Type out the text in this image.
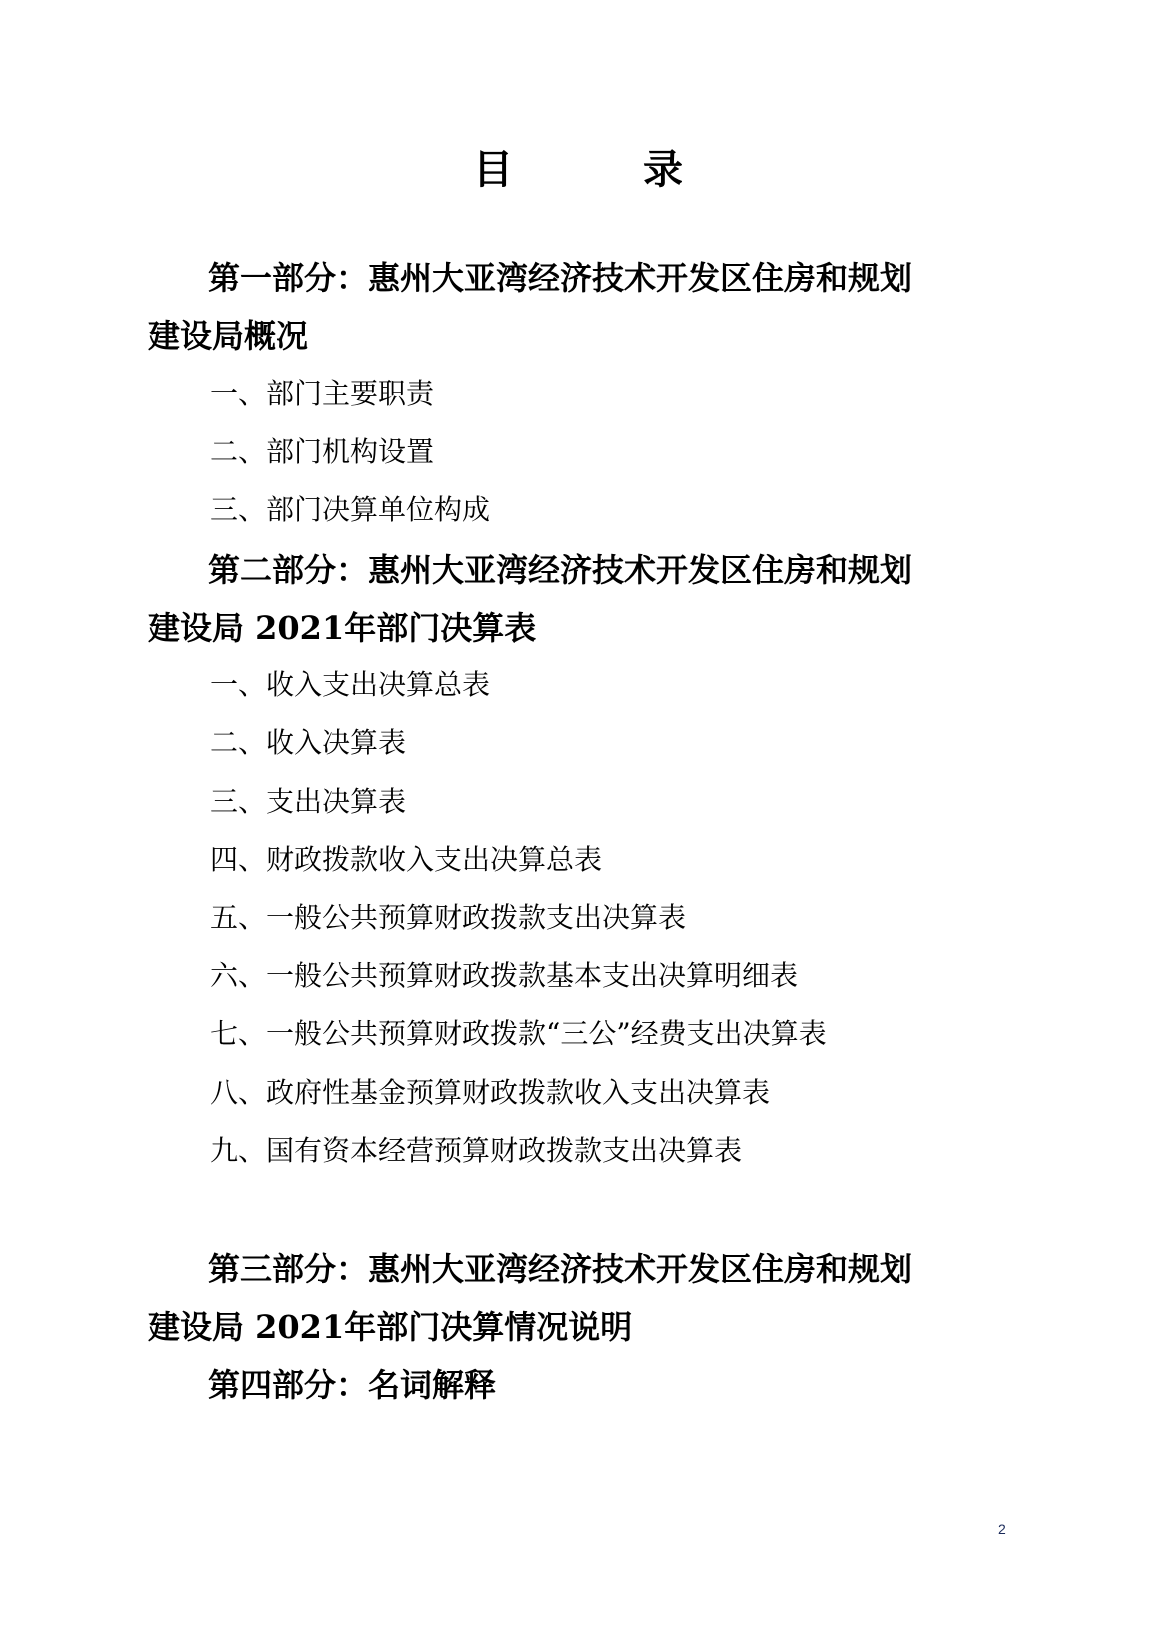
目	录
第一部分：惠州大亚湾经济技术开发区住房和规划
建设局概况
一、部门主要职责
二、部门机构设置
三、部门决算单位构成
第二部分：惠州大亚湾经济技术开发区住房和规划
建设局 2021年部门决算表
一、收入支出决算总表
二、收入决算表
三、支出决算表
四、财政拨款收入支出决算总表
五、一般公共预算财政拨款支出决算表
六、一般公共预算财政拨款基本支出决算明细表
七、一般公共预算财政拨款“三公”经费支出决算表
八、政府性基金预算财政拨款收入支出决算表
九、国有资本经营预算财政拨款支出决算表
第三部分：惠州大亚湾经济技术开发区住房和规划
建设局 2021年部门决算情况说明
第四部分：名词解释
2
